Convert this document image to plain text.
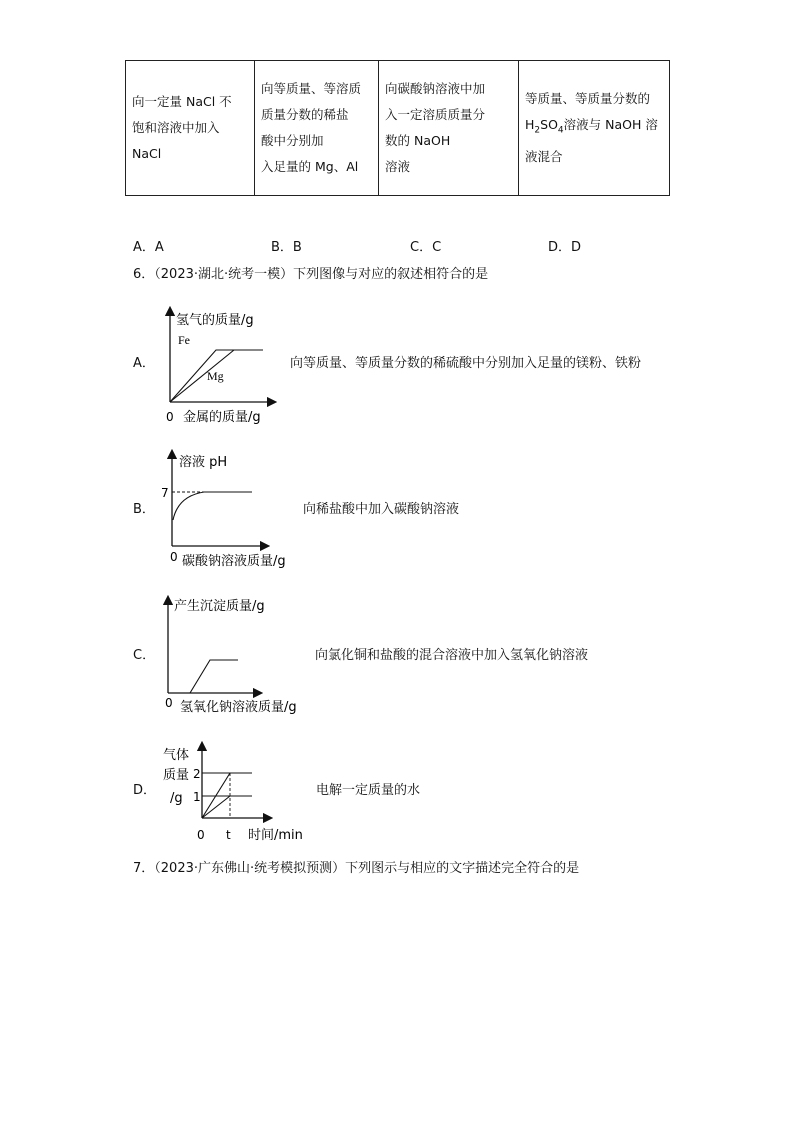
向一定量 NaCl 不
饱和溶液中加入
NaCl

向等质量、等溶质
质量分数的稀盐
酸中分别加
入足量的 Mg、Al

向碳酸钠溶液中加
入一定溶质质量分
数的 NaOH
溶液

等质量、等质量分数的
$H_2SO_4$溶液与 NaOH 溶
液混合
A．A	B．B	C．C	D．D
6．（2023·湖北·统考一模）下列图像与对应的叙述相符合的是
A．
氢气的质量/g
Fe
Mg
0 金属的质量/g
向等质量、等质量分数的稀硫酸中分别加入足量的镁粉、铁粉
B．
溶液 pH
7
0 碳酸钠溶液质量/g
向稀盐酸中加入碳酸钠溶液
C．
产生沉淀质量/g
0 氢氧化钠溶液质量/g
向氯化铜和盐酸的混合溶液中加入氢氧化钠溶液
D．
气体
质量
/g
2
1
0 t 时间/min
电解一定质量的水
7．（2023·广东佛山·统考模拟预测）下列图示与相应的文字描述完全符合的是
